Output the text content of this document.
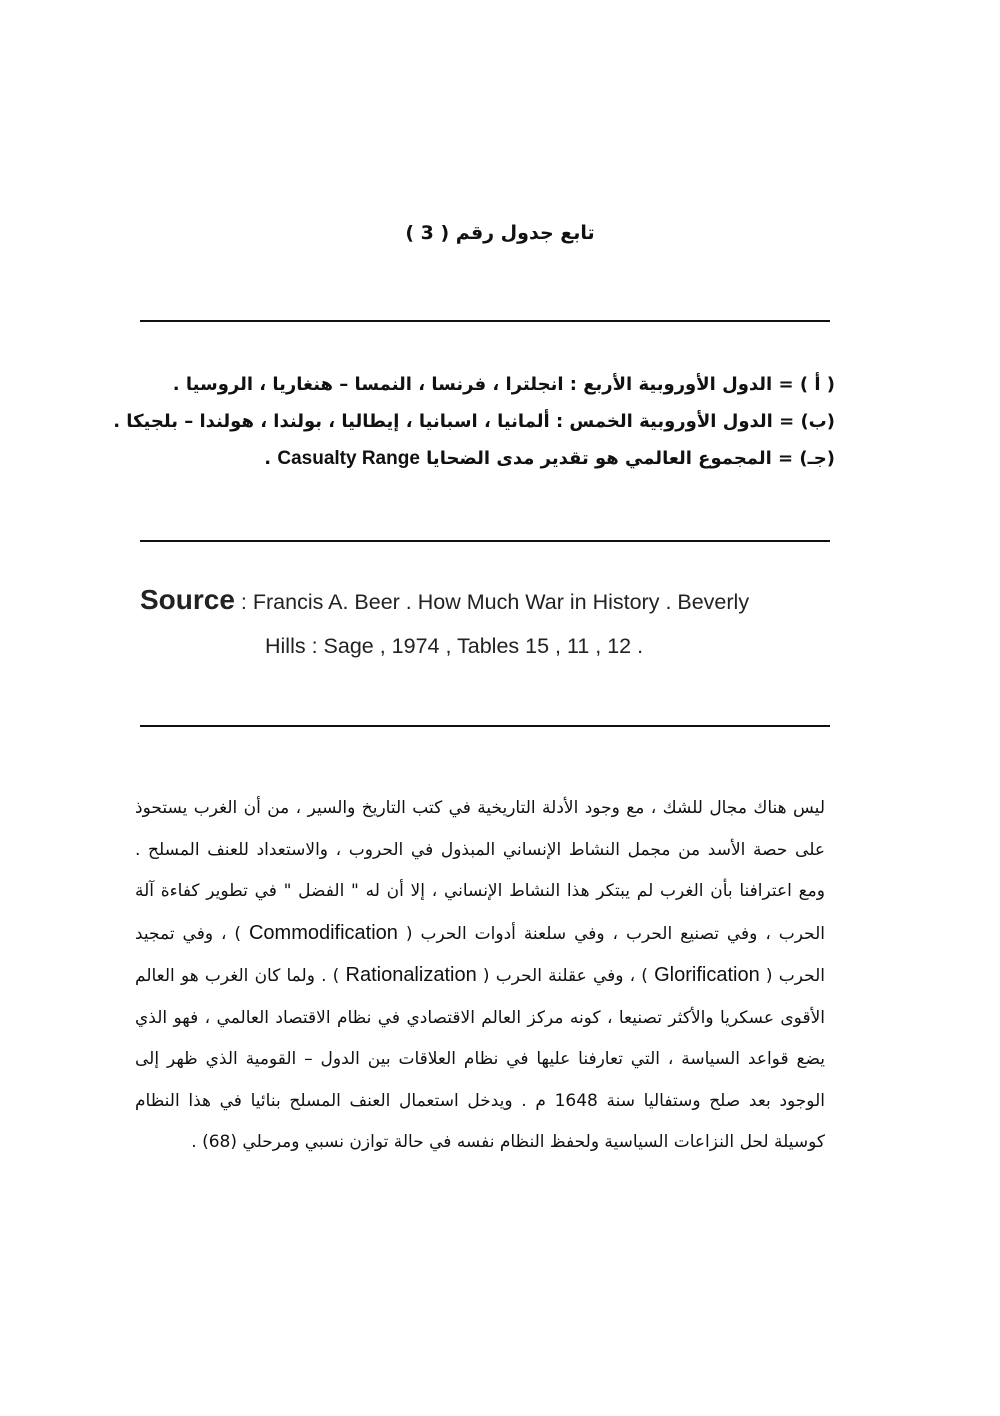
تابع جدول رقم ( 3 )
( أ ) = الدول الأوروبية الأربع : انجلترا ، فرنسا ، النمسا – هنغاريا ، الروسيا .
(ب) = الدول الأوروبية الخمس : ألمانيا ، اسبانيا ، إيطاليا ، بولندا ، هولندا – بلجيكا .
(جـ) = المجموع العالمي هو تقدير مدى الضحايا Casualty Range .
Source : Francis A. Beer . How Much War in History . Beverly
Hills : Sage , 1974 , Tables 15 , 11 , 12 .
ليس هناك مجال للشك ، مع وجود الأدلة التاريخية في كتب التاريخ والسير ، من أن الغرب يستحوذ على حصة الأسد من مجمل النشاط الإنساني المبذول في الحروب ، والاستعداد للعنف المسلح . ومع اعترافنا بأن الغرب لم يبتكر هذا النشاط الإنساني ، إلا أن له " الفضل " في تطوير كفاءة آلة الحرب ، وفي تصنيع الحرب ، وفي سلعنة أدوات الحرب ( Commodification ) ، وفي تمجيد الحرب ( Glorification ) ، وفي عقلنة الحرب ( Rationalization ) . ولما كان الغرب هو العالم الأقوى عسكريا والأكثر تصنيعا ، كونه مركز العالم الاقتصادي في نظام الاقتصاد العالمي ، فهو الذي يضع قواعد السياسة ، التي تعارفنا عليها في نظام العلاقات بين الدول – القومية الذي ظهر إلى الوجود بعد صلح وستفاليا سنة 1648 م . ويدخل استعمال العنف المسلح بنائيا في هذا النظام كوسيلة لحل النزاعات السياسية ولحفظ النظام نفسه في حالة توازن نسبي ومرحلي (68) .
